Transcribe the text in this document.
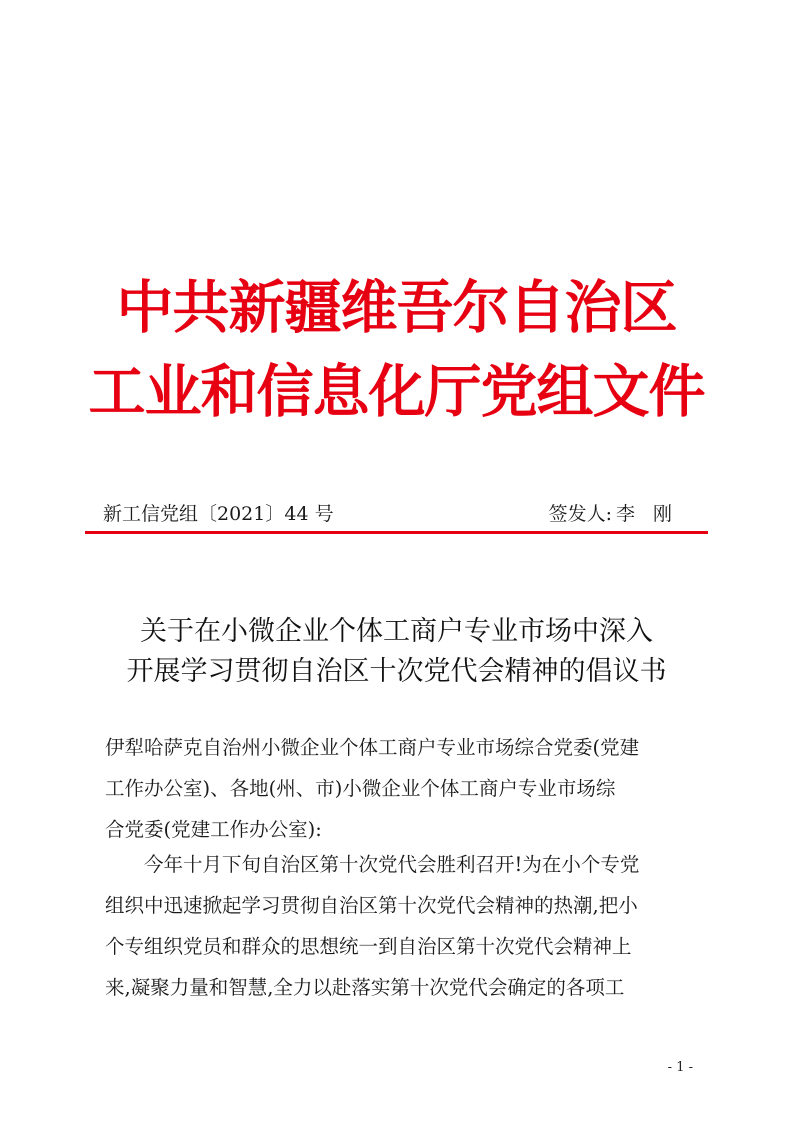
中共新疆维吾尔自治区
工业和信息化厅党组文件
新工信党组〔2021〕44 号	签发人: 李刚
关于在小微企业个体工商户专业市场中深入
开展学习贯彻自治区十次党代会精神的倡议书
伊犁哈萨克自治州小微企业个体工商户专业市场综合党委(党建
工作办公室)、各地(州、市)小微企业个体工商户专业市场综
合党委(党建工作办公室):
今年十月下旬自治区第十次党代会胜利召开!为在小个专党
组织中迅速掀起学习贯彻自治区第十次党代会精神的热潮,把小
个专组织党员和群众的思想统一到自治区第十次党代会精神上
来,凝聚力量和智慧,全力以赴落实第十次党代会确定的各项工
- 1 -
